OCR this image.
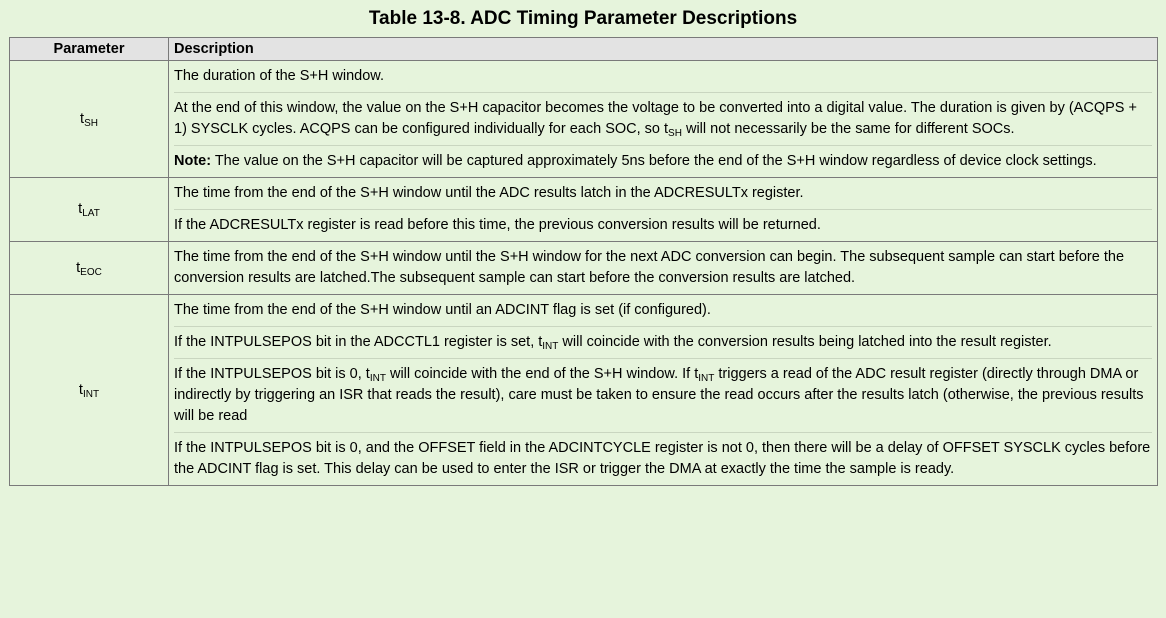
Table 13-8. ADC Timing Parameter Descriptions
Parameter	Description
$t_{SH}$	The duration of the S+H window.
At the end of this window, the value on the S+H capacitor becomes the voltage to be converted into a digital value. The duration is given by (ACQPS + 1) SYSCLK cycles. ACQPS can be configured individually for each SOC, so $t_{SH}$ will not necessarily be the same for different SOCs.
Note: The value on the S+H capacitor will be captured approximately 5ns before the end of the S+H window regardless of device clock settings.

$t_{LAT}$	The time from the end of the S+H window until the ADC results latch in the ADCRESULTx register.
If the ADCRESULTx register is read before this time, the previous conversion results will be returned.

$t_{EOC}$	The time from the end of the S+H window until the S+H window for the next ADC conversion can begin. The subsequent sample can start before the conversion results are latched.The subsequent sample can start before the conversion results are latched.

$t_{INT}$	The time from the end of the S+H window until an ADCINT flag is set (if configured).
If the INTPULSEPOS bit in the ADCCTL1 register is set, $t_{INT}$ will coincide with the conversion results being latched into the result register.
If the INTPULSEPOS bit is 0, $t_{INT}$ will coincide with the end of the S+H window. If $t_{INT}$ triggers a read of the ADC result register (directly through DMA or indirectly by triggering an ISR that reads the result), care must be taken to ensure the read occurs after the results latch (otherwise, the previous results will be read
If the INTPULSEPOS bit is 0, and the OFFSET field in the ADCINTCYCLE register is not 0, then there will be a delay of OFFSET SYSCLK cycles before the ADCINT flag is set. This delay can be used to enter the ISR or trigger the DMA at exactly the time the sample is ready.
